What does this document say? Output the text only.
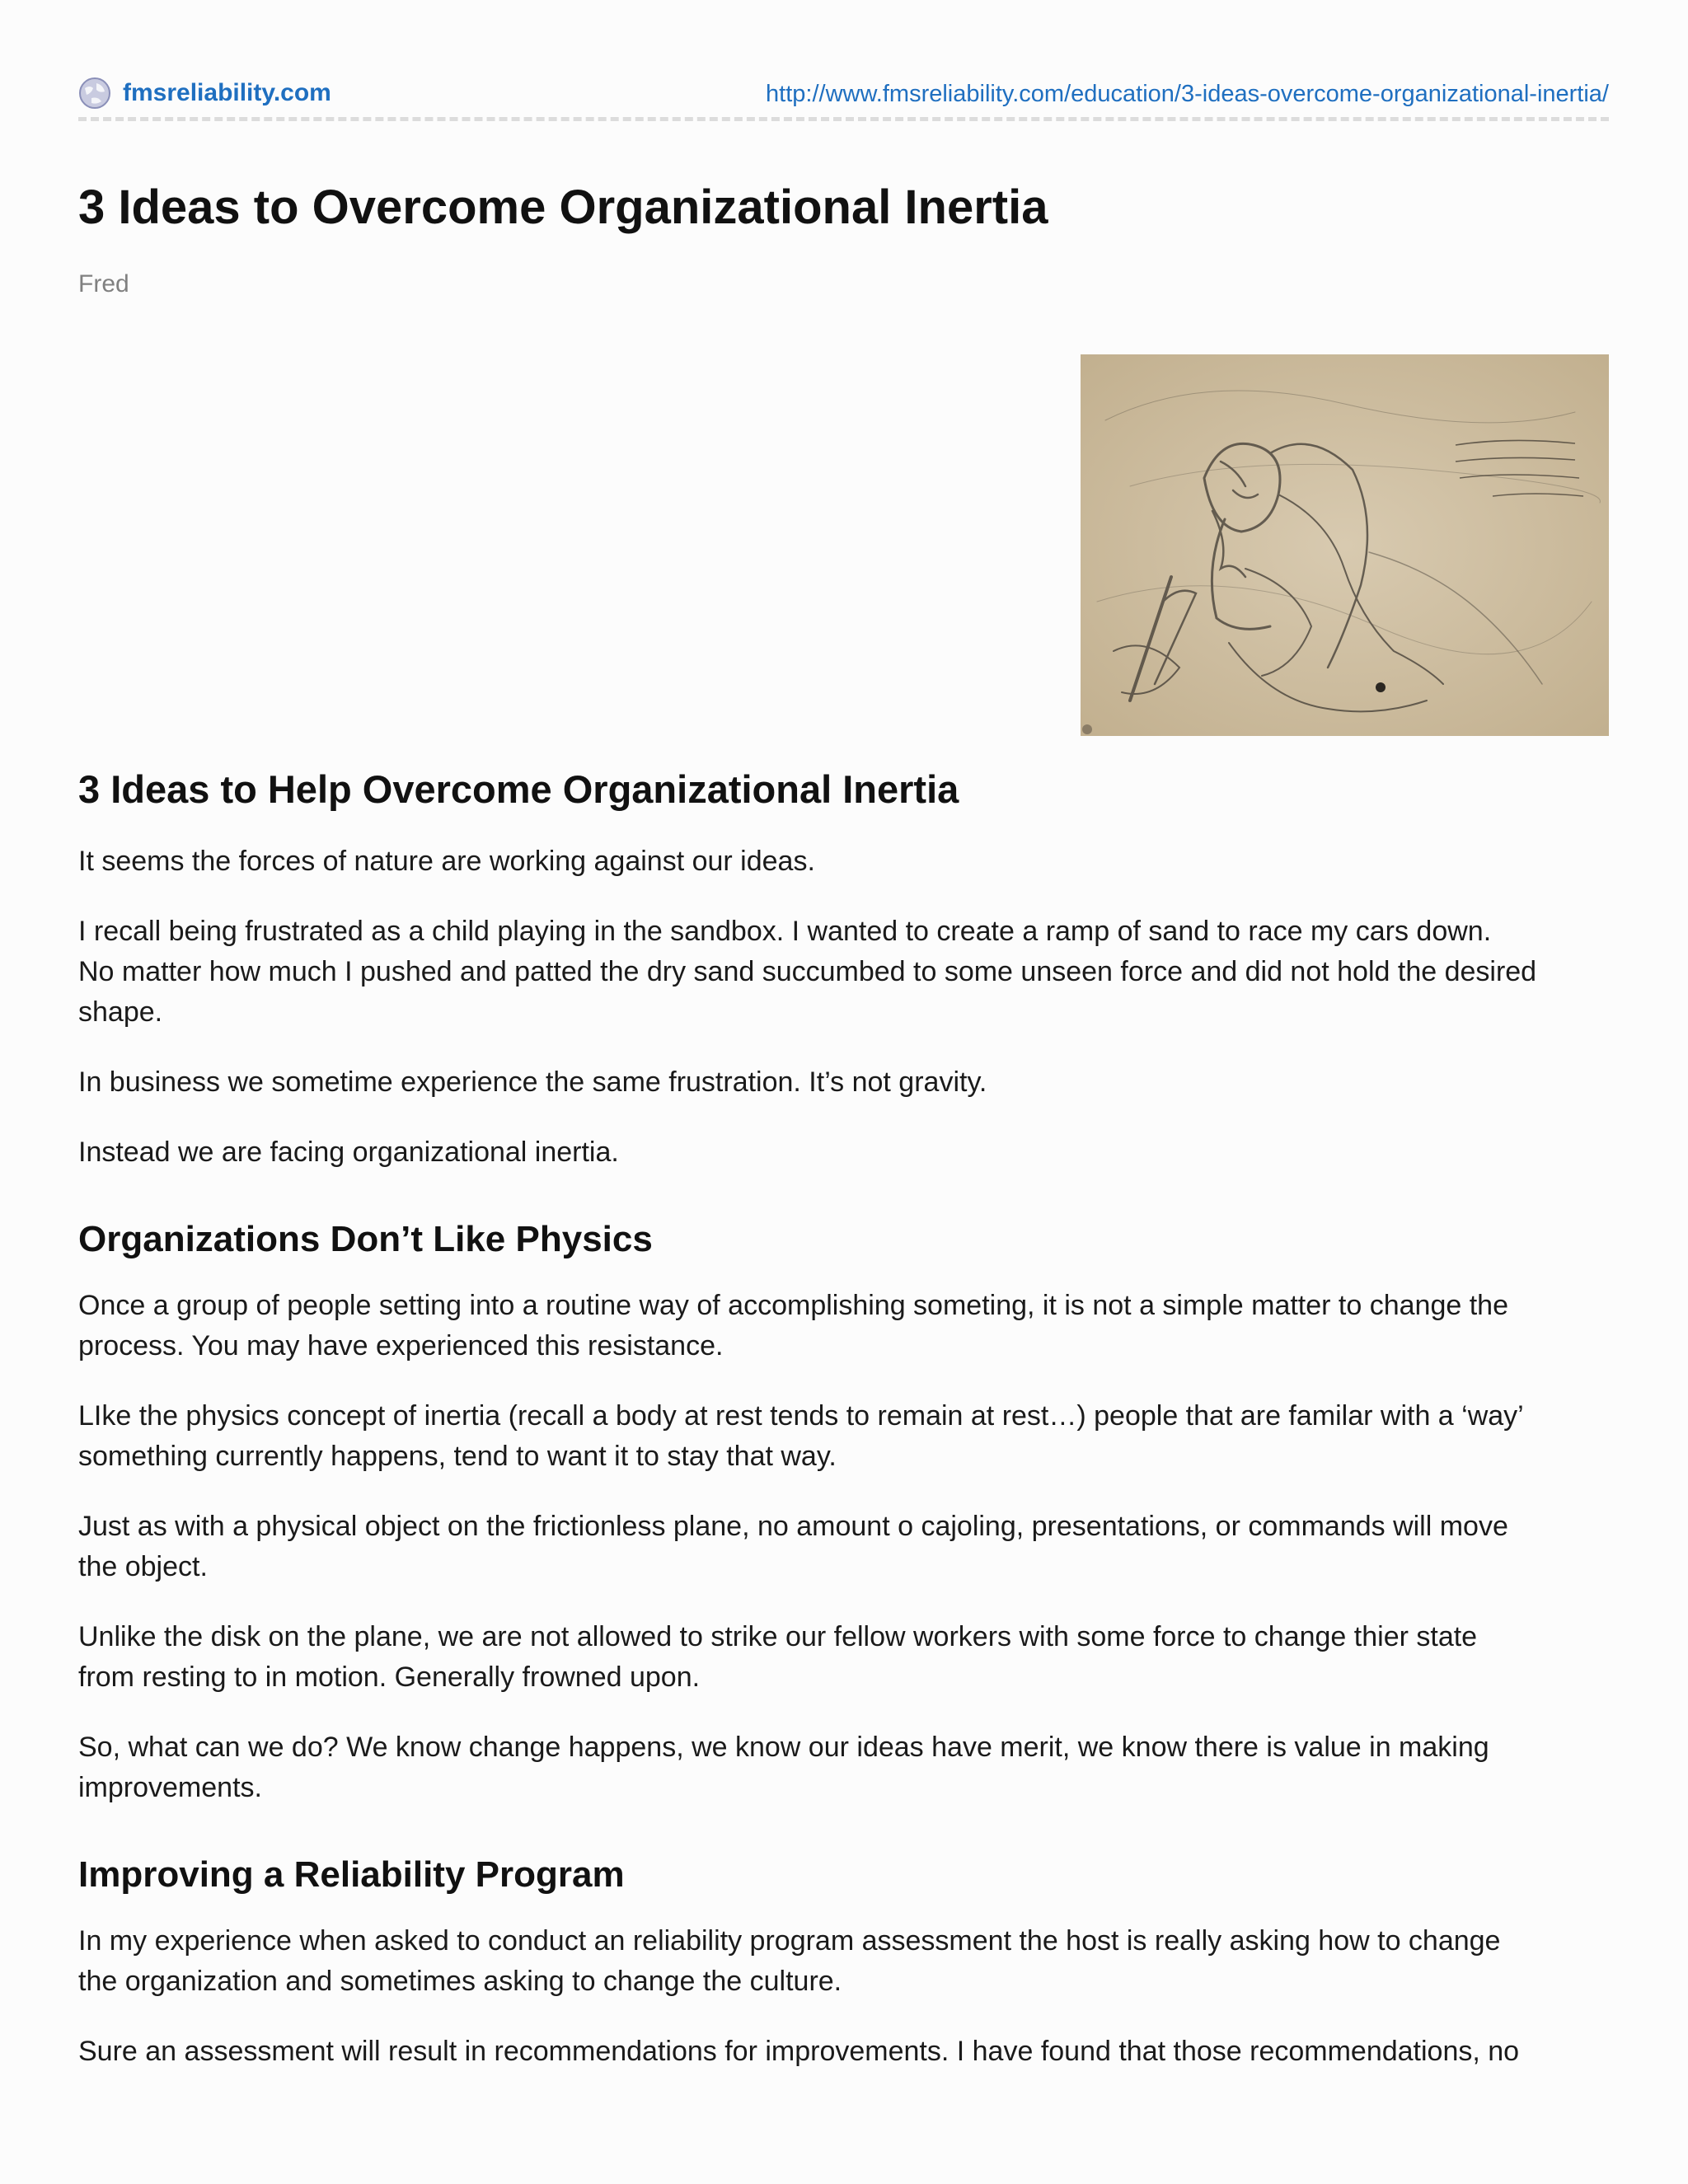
fmsreliability.com	http://www.fmsreliability.com/education/3-ideas-overcome-organizational-inertia/
3 Ideas to Overcome Organizational Inertia
Fred
3 Ideas to Help Overcome Organizational Inertia

It seems the forces of nature are working against our ideas.

I recall being frustrated as a child playing in the sandbox. I wanted to create a ramp of sand to race my cars down.
No matter how much I pushed and patted the dry sand succumbed to some unseen force and did not hold the desired
shape.

In business we sometime experience the same frustration. It’s not gravity.

Instead we are facing organizational inertia.

Organizations Don’t Like Physics

Once a group of people setting into a routine way of accomplishing someting, it is not a simple matter to change the
process. You may have experienced this resistance.

LIke the physics concept of inertia (recall a body at rest tends to remain at rest…) people that are familar with a ‘way’
something currently happens, tend to want it to stay that way.

Just as with a physical object on the frictionless plane, no amount o cajoling, presentations, or commands will move
the object.

Unlike the disk on the plane, we are not allowed to strike our fellow workers with some force to change thier state
from resting to in motion. Generally frowned upon.

So, what can we do? We know change happens, we know our ideas have merit, we know there is value in making
improvements.

Improving a Reliability Program

In my experience when asked to conduct an reliability program assessment the host is really asking how to change
the organization and sometimes asking to change the culture.

Sure an assessment will result in recommendations for improvements. I have found that those recommendations, no
